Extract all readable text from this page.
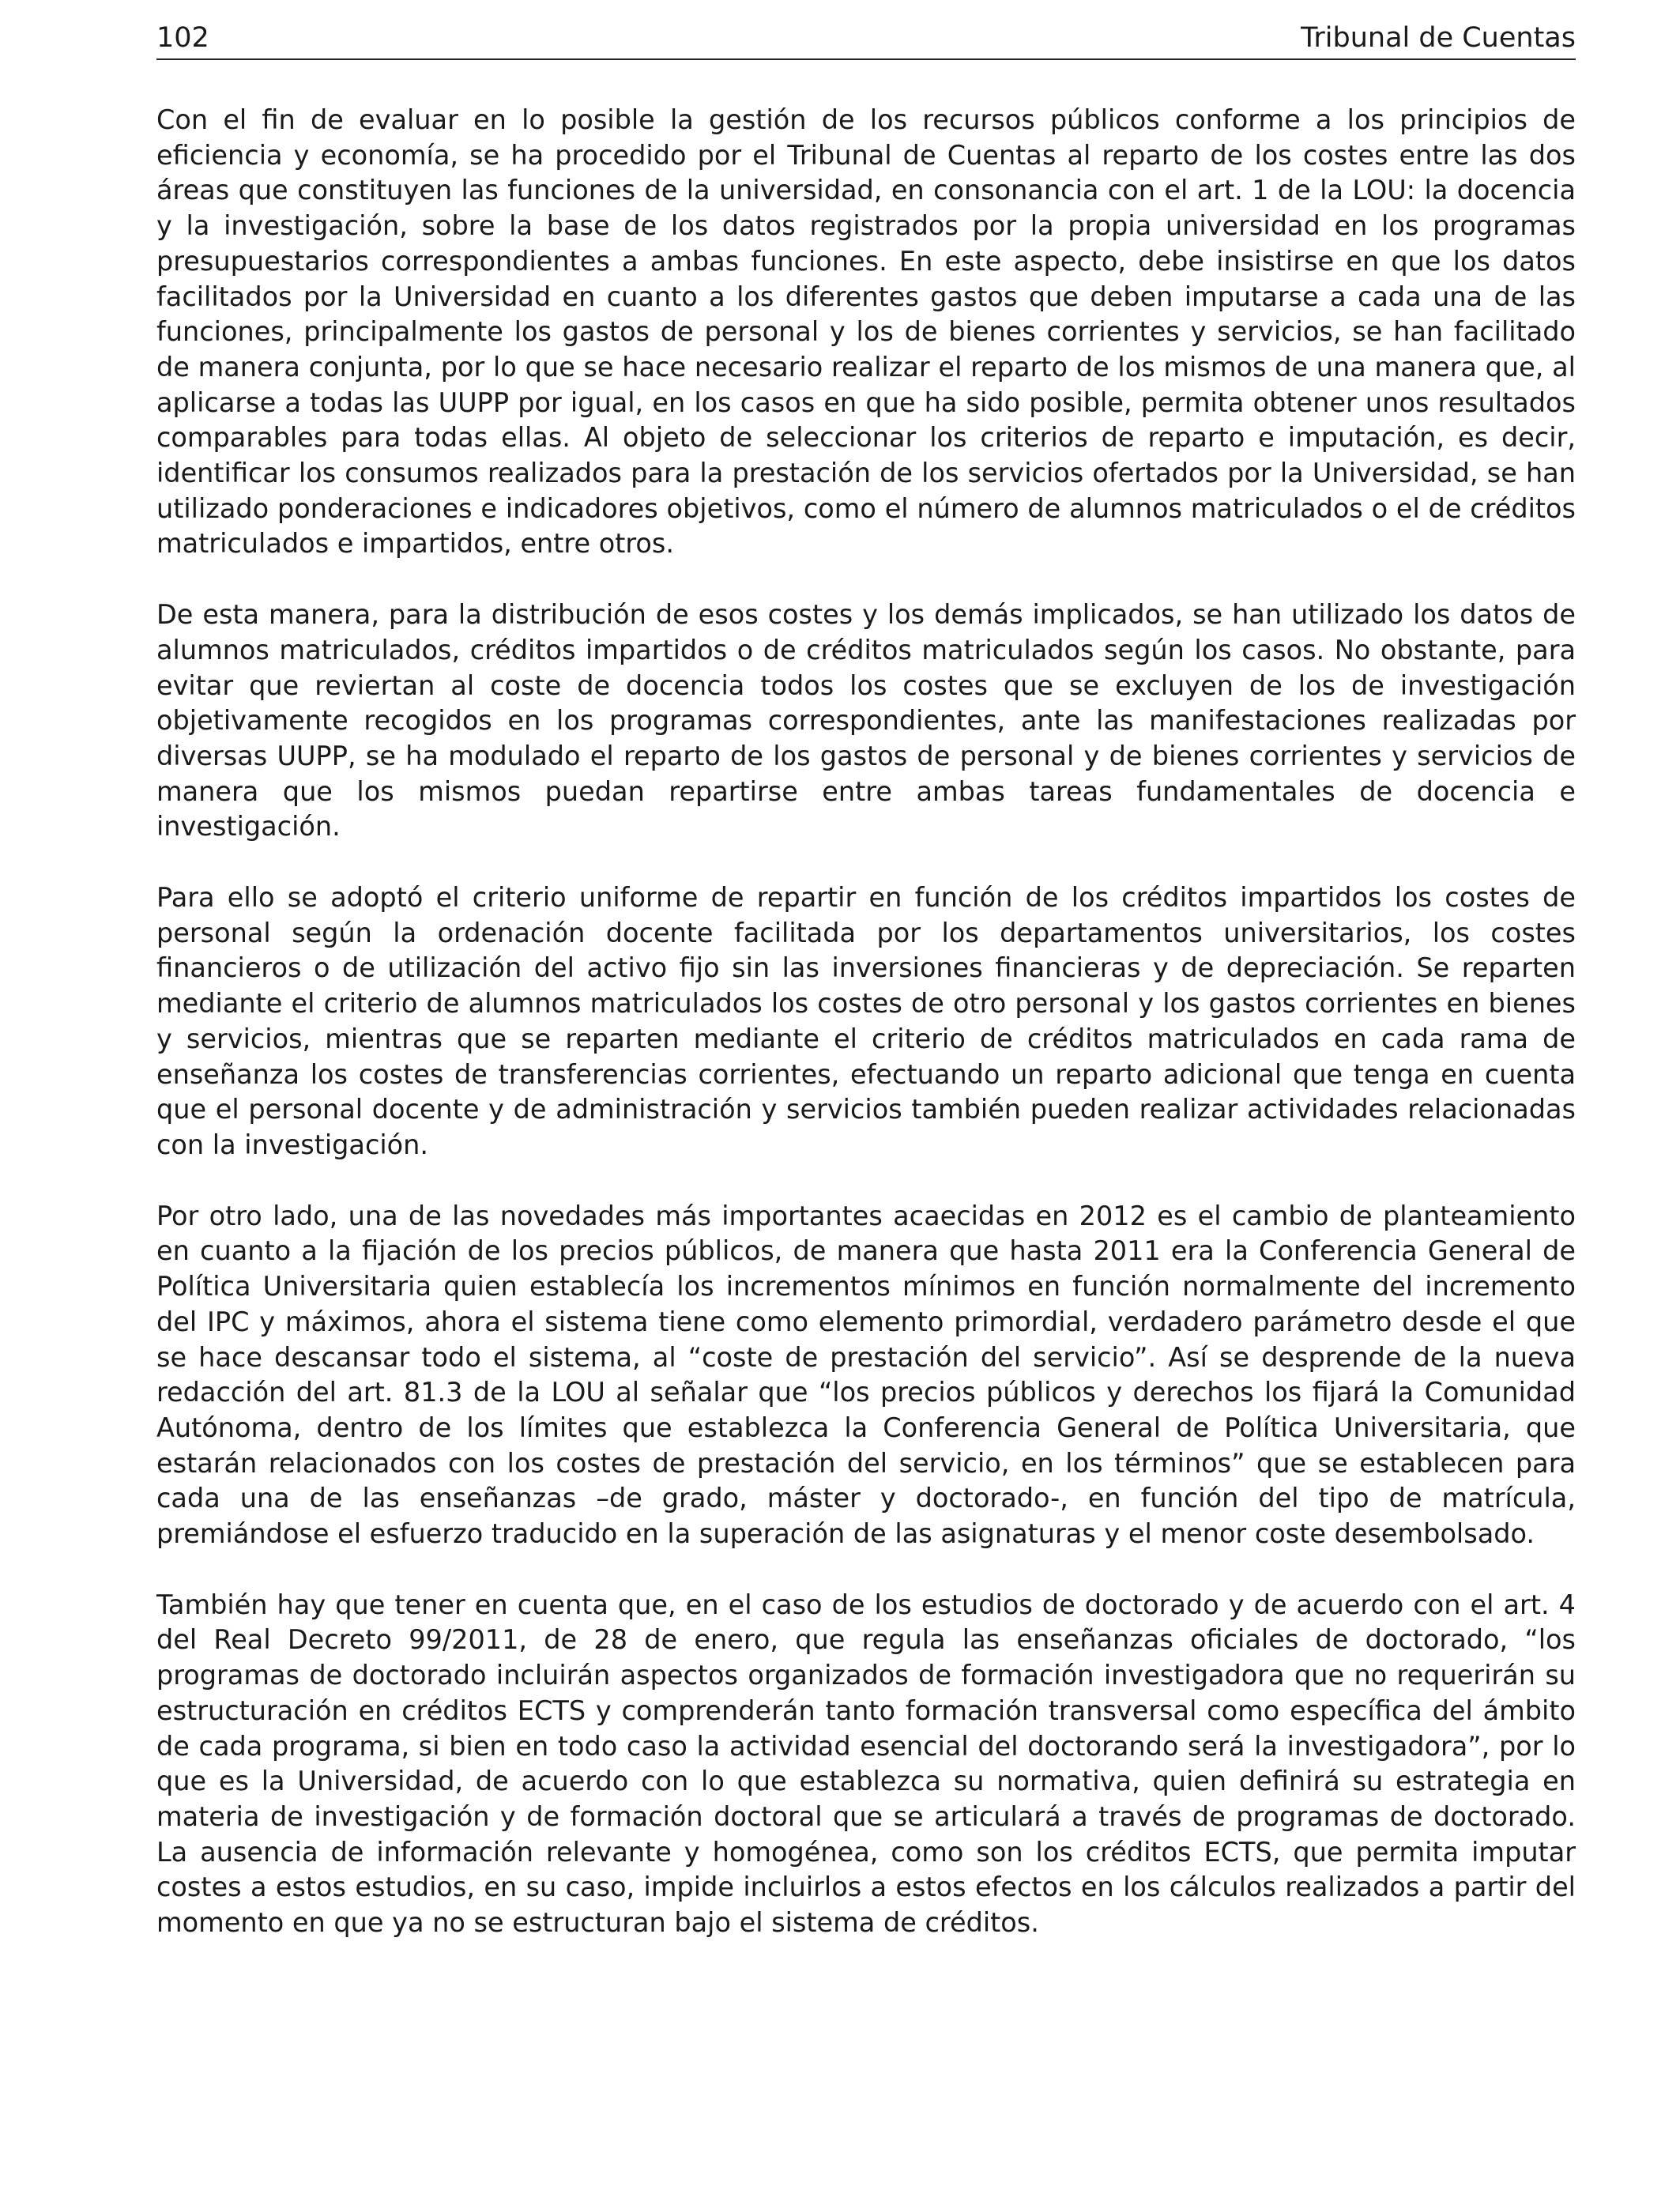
102	Tribunal de Cuentas

Con el fin de evaluar en lo posible la gestión de los recursos públicos conforme a los principios de eficiencia y economía, se ha procedido por el Tribunal de Cuentas al reparto de los costes entre las dos áreas que constituyen las funciones de la universidad, en consonancia con el art. 1 de la LOU: la docencia y la investigación, sobre la base de los datos registrados por la propia universidad en los programas presupuestarios correspondientes a ambas funciones. En este aspecto, debe insistirse en que los datos facilitados por la Universidad en cuanto a los diferentes gastos que deben imputarse a cada una de las funciones, principalmente los gastos de personal y los de bienes corrientes y servicios, se han facilitado de manera conjunta, por lo que se hace necesario realizar el reparto de los mismos de una manera que, al aplicarse a todas las UUPP por igual, en los casos en que ha sido posible, permita obtener unos resultados comparables para todas ellas. Al objeto de seleccionar los criterios de reparto e imputación, es decir, identificar los consumos realizados para la prestación de los servicios ofertados por la Universidad, se han utilizado ponderaciones e indicadores objetivos, como el número de alumnos matriculados o el de créditos matriculados e impartidos, entre otros.

De esta manera, para la distribución de esos costes y los demás implicados, se han utilizado los datos de alumnos matriculados, créditos impartidos o de créditos matriculados según los casos. No obstante, para evitar que reviertan al coste de docencia todos los costes que se excluyen de los de investigación objetivamente recogidos en los programas correspondientes, ante las manifestaciones realizadas por diversas UUPP, se ha modulado el reparto de los gastos de personal y de bienes corrientes y servicios de manera que los mismos puedan repartirse entre ambas tareas fundamentales de docencia e investigación.

Para ello se adoptó el criterio uniforme de repartir en función de los créditos impartidos los costes de personal según la ordenación docente facilitada por los departamentos universitarios, los costes financieros o de utilización del activo fijo sin las inversiones financieras y de depreciación. Se reparten mediante el criterio de alumnos matriculados los costes de otro personal y los gastos corrientes en bienes y servicios, mientras que se reparten mediante el criterio de créditos matriculados en cada rama de enseñanza los costes de transferencias corrientes, efectuando un reparto adicional que tenga en cuenta que el personal docente y de administración y servicios también pueden realizar actividades relacionadas con la investigación.

Por otro lado, una de las novedades más importantes acaecidas en 2012 es el cambio de planteamiento en cuanto a la fijación de los precios públicos, de manera que hasta 2011 era la Conferencia General de Política Universitaria quien establecía los incrementos mínimos en función normalmente del incremento del IPC y máximos, ahora el sistema tiene como elemento primordial, verdadero parámetro desde el que se hace descansar todo el sistema, al “coste de prestación del servicio”. Así se desprende de la nueva redacción del art. 81.3 de la LOU al señalar que “los precios públicos y derechos los fijará la Comunidad Autónoma, dentro de los límites que establezca la Conferencia General de Política Universitaria, que estarán relacionados con los costes de prestación del servicio, en los términos” que se establecen para cada una de las enseñanzas –de grado, máster y doctorado-, en función del tipo de matrícula, premiándose el esfuerzo traducido en la superación de las asignaturas y el menor coste desembolsado.

También hay que tener en cuenta que, en el caso de los estudios de doctorado y de acuerdo con el art. 4 del Real Decreto 99/2011, de 28 de enero, que regula las enseñanzas oficiales de doctorado, “los programas de doctorado incluirán aspectos organizados de formación investigadora que no requerirán su estructuración en créditos ECTS y comprenderán tanto formación transversal como específica del ámbito de cada programa, si bien en todo caso la actividad esencial del doctorando será la investigadora”, por lo que es la Universidad, de acuerdo con lo que establezca su normativa, quien definirá su estrategia en materia de investigación y de formación doctoral que se articulará a través de programas de doctorado. La ausencia de información relevante y homogénea, como son los créditos ECTS, que permita imputar costes a estos estudios, en su caso, impide incluirlos a estos efectos en los cálculos realizados a partir del momento en que ya no se estructuran bajo el sistema de créditos.
